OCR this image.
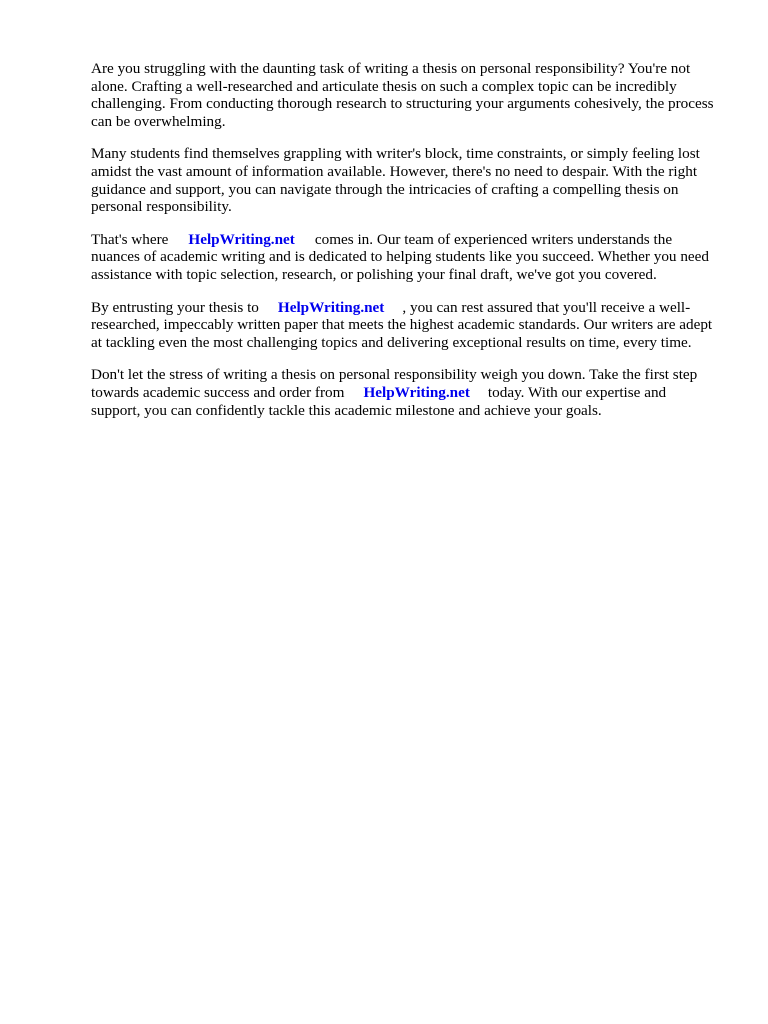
Are you struggling with the daunting task of writing a thesis on personal responsibility? You're not alone. Crafting a well-researched and articulate thesis on such a complex topic can be incredibly challenging. From conducting thorough research to structuring your arguments cohesively, the process can be overwhelming.

Many students find themselves grappling with writer's block, time constraints, or simply feeling lost amidst the vast amount of information available. However, there's no need to despair. With the right guidance and support, you can navigate through the intricacies of crafting a compelling thesis on personal responsibility.

That's where HelpWriting.net comes in. Our team of experienced writers understands the nuances of academic writing and is dedicated to helping students like you succeed. Whether you need assistance with topic selection, research, or polishing your final draft, we've got you covered.

By entrusting your thesis to HelpWriting.net , you can rest assured that you'll receive a well-researched, impeccably written paper that meets the highest academic standards. Our writers are adept at tackling even the most challenging topics and delivering exceptional results on time, every time.

Don't let the stress of writing a thesis on personal responsibility weigh you down. Take the first step towards academic success and order from HelpWriting.net today. With our expertise and support, you can confidently tackle this academic milestone and achieve your goals.
